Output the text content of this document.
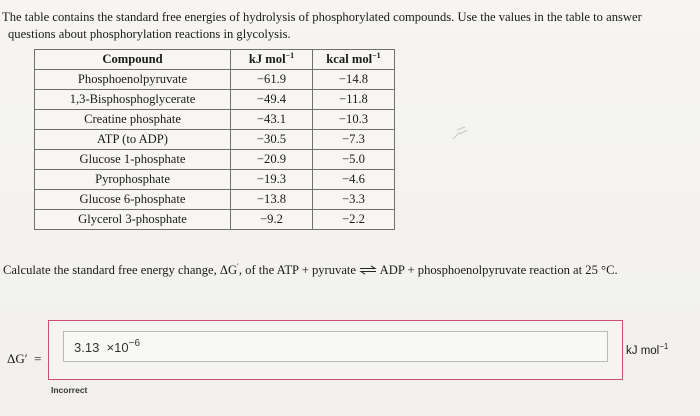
The table contains the standard free energies of hydrolysis of phosphorylated compounds. Use the values in the table to answer
questions about phosphorylation reactions in glycolysis.
Compound	kJ mol$^{-1}$	kcal mol$^{-1}$
Phosphoenolpyruvate	−61.9	−14.8
1,3-Bisphosphoglycerate	−49.4	−11.8
Creatine phosphate	−43.1	−10.3
ATP (to ADP)	−30.5	−7.3
Glucose 1-phosphate	−20.9	−5.0
Pyrophosphate	−19.3	−4.6
Glucose 6-phosphate	−13.8	−3.3
Glycerol 3-phosphate	−9.2	−2.2
Calculate the standard free energy change, ΔG′, of the ATP + pyruvate ⇌ ADP + phosphoenolpyruvate reaction at 25 °C.
ΔG′ =
$3.13 \times 10^{-6}$
kJ mol$^{-1}$
Incorrect
